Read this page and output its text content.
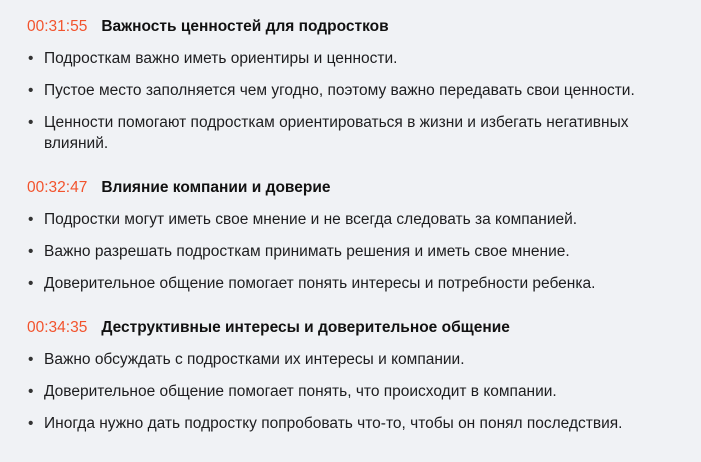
00:31:55 Важность ценностей для подростков
• Подросткам важно иметь ориентиры и ценности.
• Пустое место заполняется чем угодно, поэтому важно передавать свои ценности.
• Ценности помогают подросткам ориентироваться в жизни и избегать негативных влияний.
00:32:47 Влияние компании и доверие
• Подростки могут иметь свое мнение и не всегда следовать за компанией.
• Важно разрешать подросткам принимать решения и иметь свое мнение.
• Доверительное общение помогает понять интересы и потребности ребенка.
00:34:35 Деструктивные интересы и доверительное общение
• Важно обсуждать с подростками их интересы и компании.
• Доверительное общение помогает понять, что происходит в компании.
• Иногда нужно дать подростку попробовать что-то, чтобы он понял последствия.
